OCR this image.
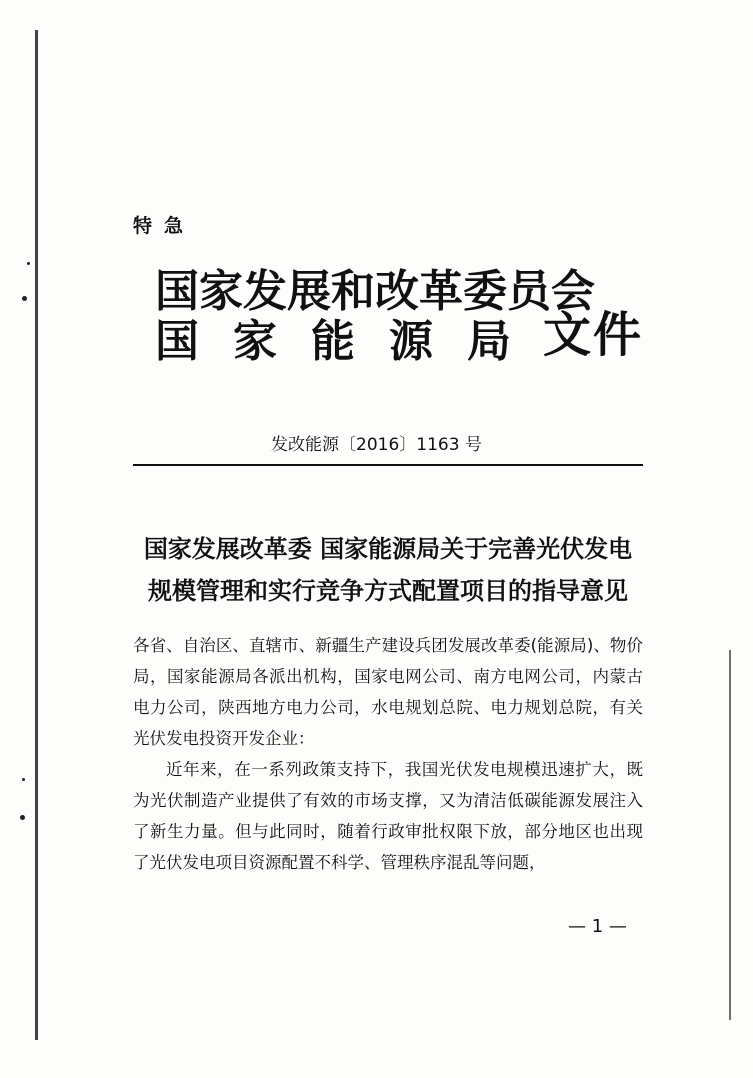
特急
国家发展和改革委员会
国家能源局
文件
发改能源〔2016〕1163 号
国家发展改革委 国家能源局关于完善光伏发电
规模管理和实行竞争方式配置项目的指导意见

各省、自治区、直辖市、新疆生产建设兵团发展改革委(能源局)、物价局，国家能源局各派出机构，国家电网公司、南方电网公司，内蒙古电力公司，陕西地方电力公司，水电规划总院、电力规划总院，有关光伏发电投资开发企业：

近年来，在一系列政策支持下，我国光伏发电规模迅速扩大，既为光伏制造产业提供了有效的市场支撑，又为清洁低碳能源发展注入了新生力量。但与此同时，随着行政审批权限下放，部分地区也出现了光伏发电项目资源配置不科学、管理秩序混乱等问题，

— 1 —
